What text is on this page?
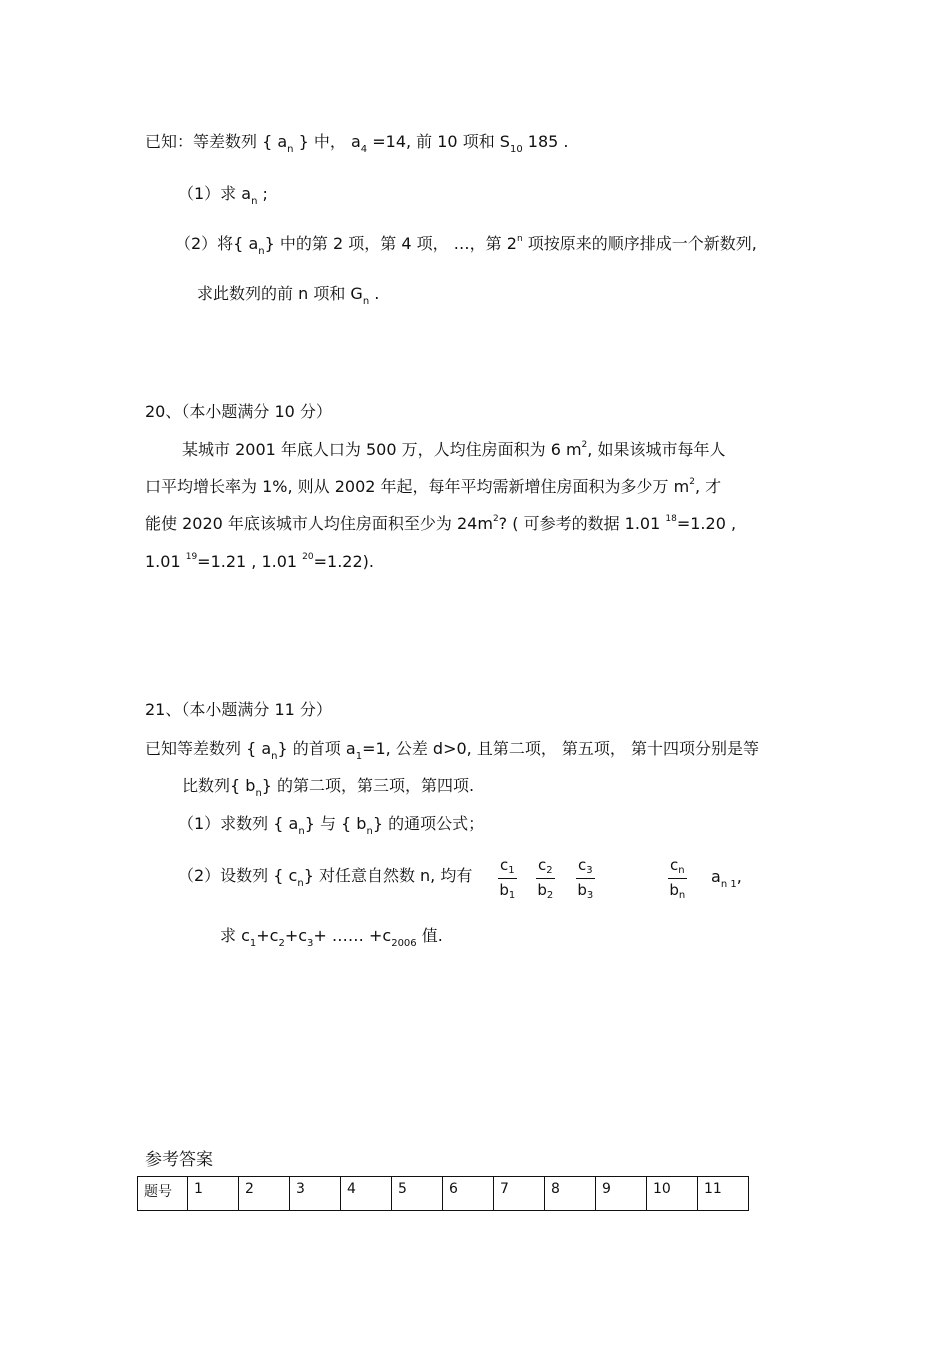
已知：等差数列 { $a_n$ } 中， $a_4 =14$, 前 10 项和 $S_{10}$ 185 .
（1）求 $a_n$ ;
（2）将{ $a_n$} 中的第 2 项，第 4 项， …，第 2$^n$ 项按原来的顺序排成一个新数列,
求此数列的前 n 项和 $G_n$ .
20、（本小题满分 10 分）
某城市 2001 年底人口为 500 万，人均住房面积为 6 $m^2$, 如果该城市每年人
口平均增长率为 1%, 则从 2002 年起，每年平均需新增住房面积为多少万 $m^2$, 才
能使 2020 年底该城市人均住房面积至少为 $24m^2$? ( 可参考的数据 1.01 $^{18}$=1.20 ,
1.01 $^{19}$=1.21 , 1.01 $^{20}$=1.22).
21、（本小题满分 11 分）
已知等差数列 { $a_n$} 的首项 $a_1=1$, 公差 d>0, 且第二项， 第五项， 第十四项分别是等
比数列{ $b_n$} 的第二项，第三项，第四项.
（1）求数列 { $a_n$} 与 { $b_n$} 的通项公式；
（2）设数列 { $c_n$} 对任意自然数 n, 均有 $\frac{c_1}{b_1} \frac{c_2}{b_2} \frac{c_3}{b_3}$	$\frac{c_n}{b_n} a_{n 1}$,
求 $c_1+c_2+c_3+$ …… $+c_{2006}$ 值.
参考答案
题号	1	2	3	4	5	6	7	8	9	10	11
